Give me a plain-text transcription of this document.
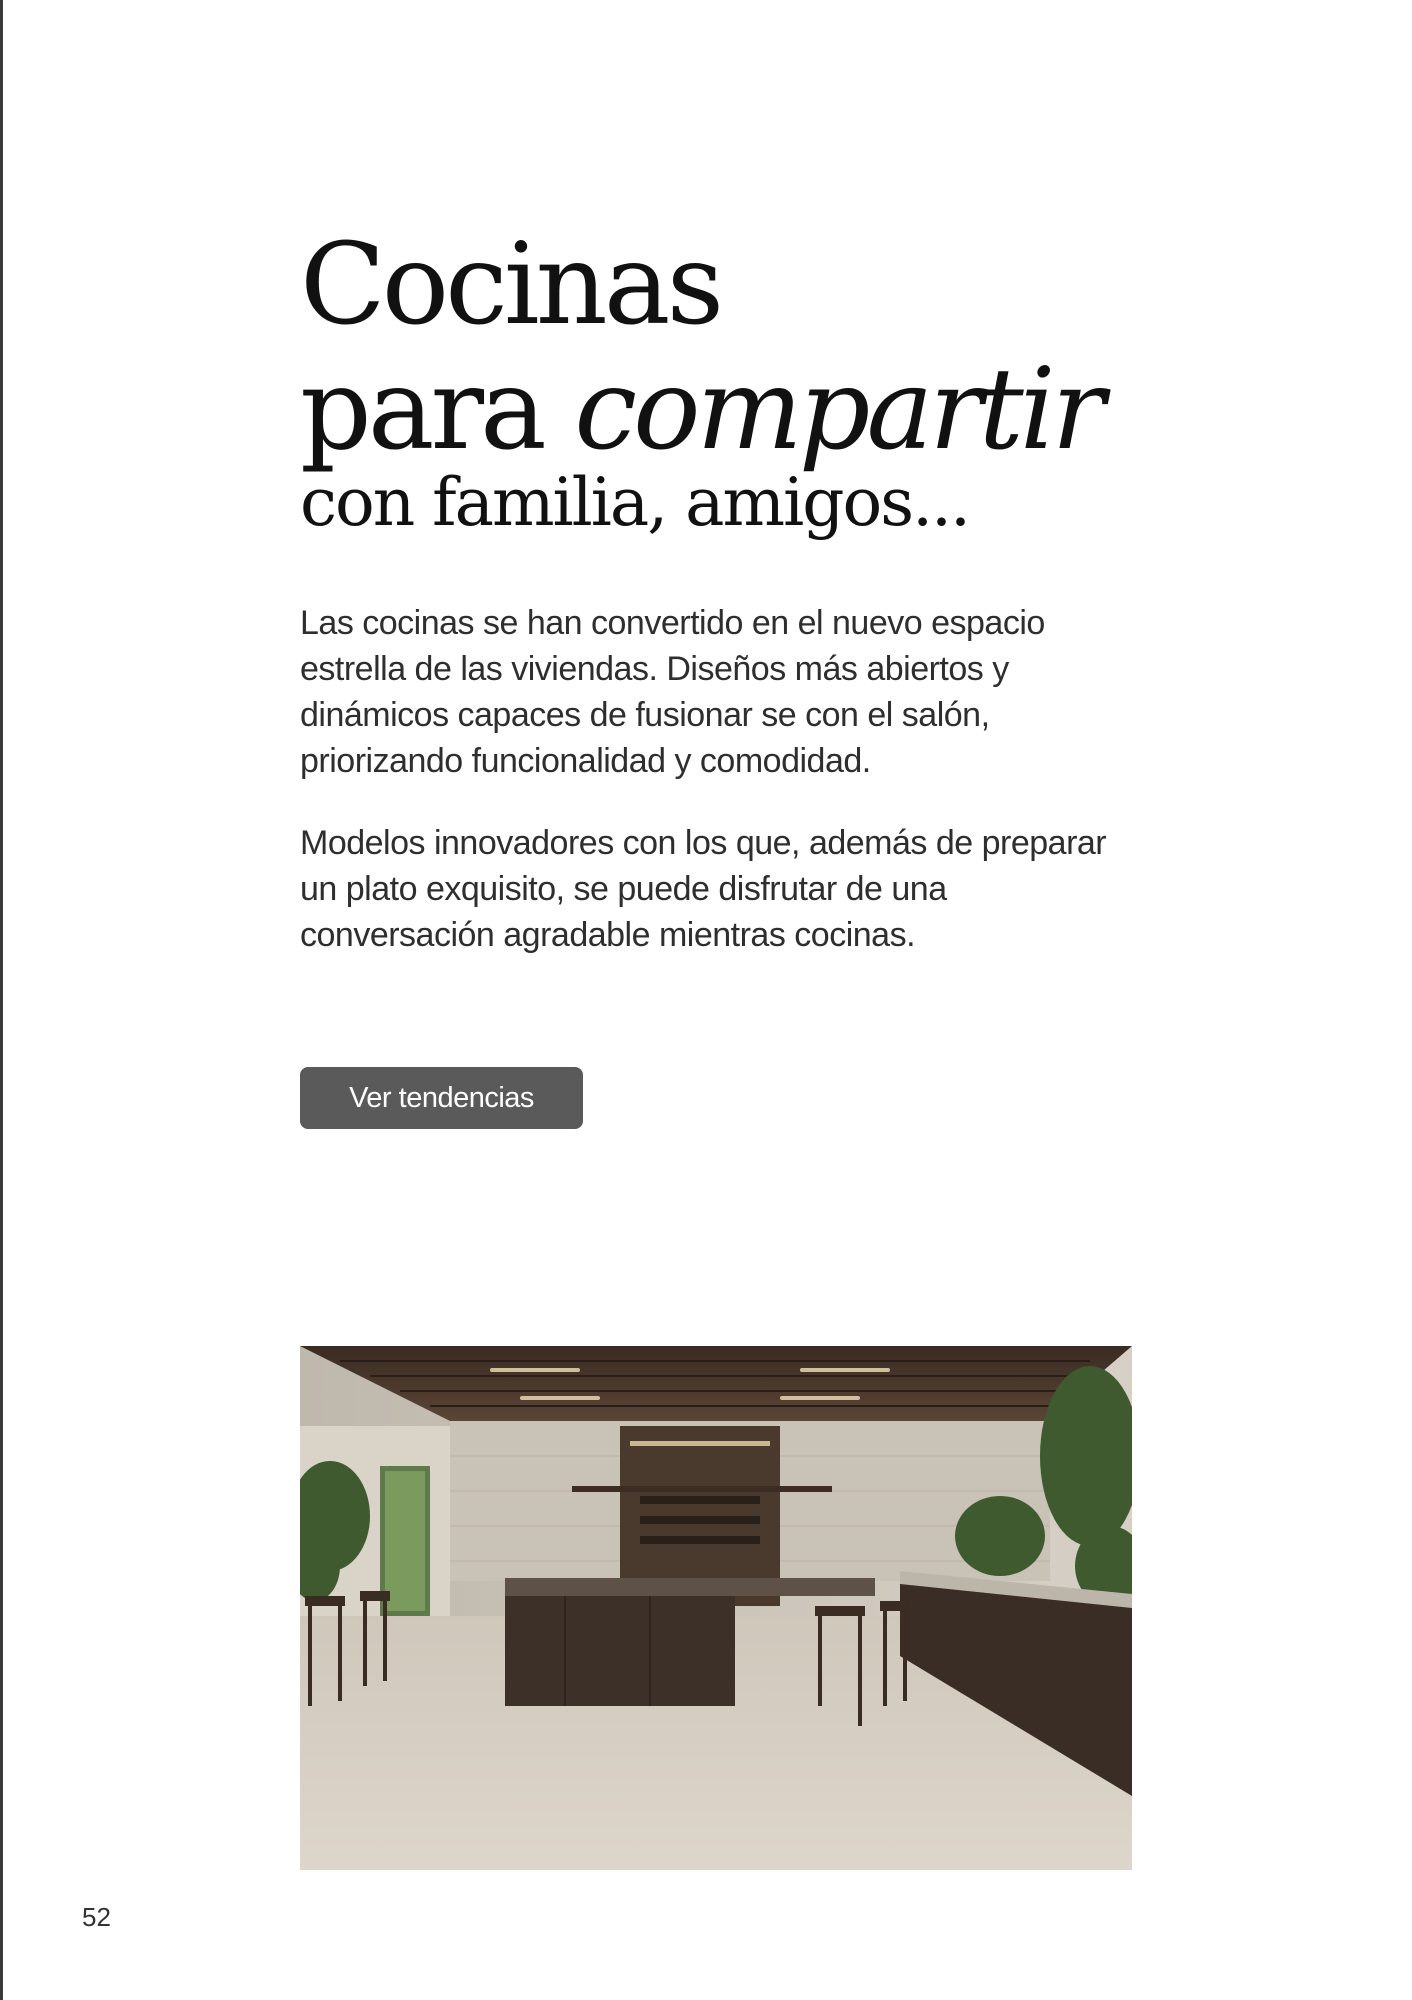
Cocinas
para compartir
con familia, amigos...

Las cocinas se han convertido en el nuevo espacio estrella de las viviendas. Diseños más abiertos y dinámicos capaces de fusionar se con el salón, priorizando funcionalidad y comodidad.

Modelos innovadores con los que, además de preparar un plato exquisito, se puede disfrutar de una conversación agradable mientras cocinas.

Ver tendencias
52
